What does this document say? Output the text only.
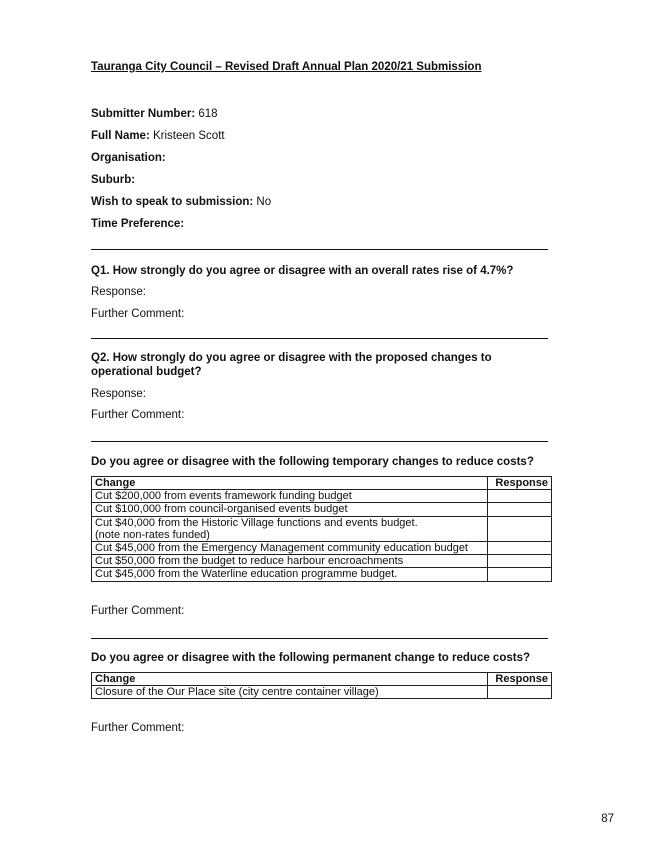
Tauranga City Council – Revised Draft Annual Plan 2020/21 Submission
Submitter Number: 618
Full Name: Kristeen Scott
Organisation:
Suburb:
Wish to speak to submission: No
Time Preference:
Q1. How strongly do you agree or disagree with an overall rates rise of 4.7%?
Response:
Further Comment:
Q2. How strongly do you agree or disagree with the proposed changes to operational budget?
Response:
Further Comment:
Do you agree or disagree with the following temporary changes to reduce costs?
Change	Response
Cut $200,000 from events framework funding budget	
Cut $100,000 from council-organised events budget	

Cut $40,000 from the Historic Village functions and events budget.
(note non-rates funded)	

Cut $45,000 from the Emergency Management community education budget	
Cut $50,000 from the budget to reduce harbour encroachments	
Cut $45,000 from the Waterline education programme budget.	
Further Comment:
Do you agree or disagree with the following permanent change to reduce costs?
Change	Response
Closure of the Our Place site (city centre container village)	
Further Comment:
87
